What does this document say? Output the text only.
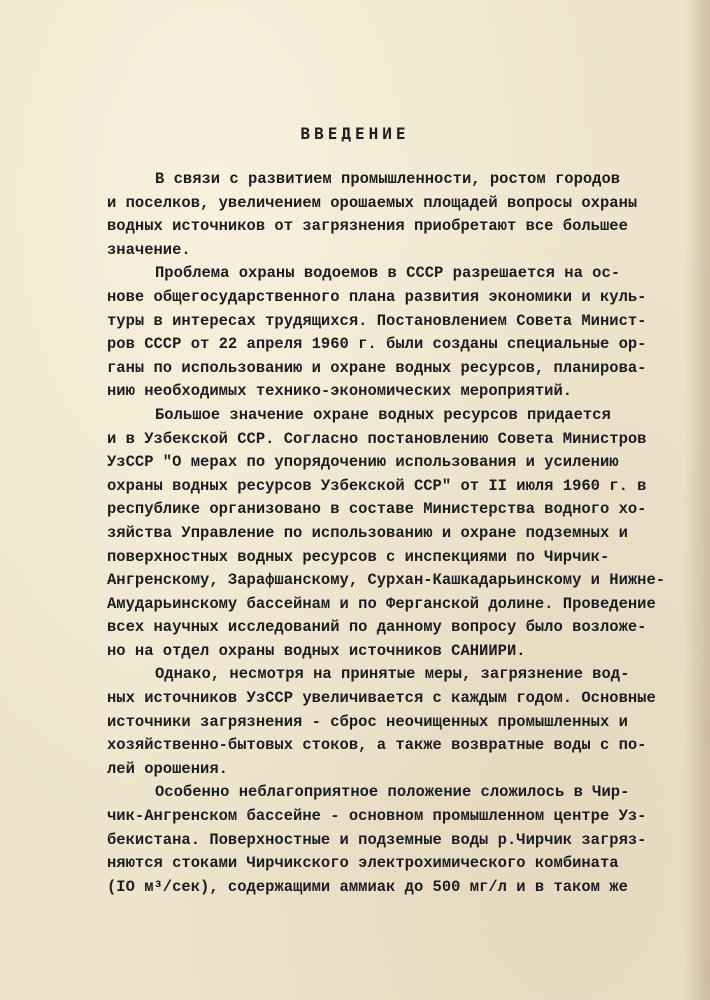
ВВЕДЕНИЕ
В связи с развитием промышленности, ростом городов
и поселков, увеличением орошаемых площадей вопросы охраны
водных источников от загрязнения приобретают все большее
значение.
Проблема охраны водоемов в СССР разрешается на ос-
нове общегосударственного плана развития экономики и куль-
туры в интересах трудящихся. Постановлением Совета Минист-
ров СССР от 22 апреля 1960 г. были созданы специальные ор-
ганы по использованию и охране водных ресурсов, планирова-
нию необходимых технико-экономических мероприятий.
Большое значение охране водных ресурсов придается
и в Узбекской ССР. Согласно постановлению Совета Министров
УзССР "О мерах по упорядочению использования и усилению
охраны водных ресурсов Узбекской ССР" от II июля 1960 г. в
республике организовано в составе Министерства водного хо-
зяйства Управление по использованию и охране подземных и
поверхностных водных ресурсов с инспекциями по Чирчик-
Ангренскому, Зарафшанскому, Сурхан-Кашкадарьинскому и Нижне-
Амударьинскому бассейнам и по Ферганской долине. Проведение
всех научных исследований по данному вопросу было возложе-
но на отдел охраны водных источников САНИИРИ.
Однако, несмотря на принятые меры, загрязнение вод-
ных источников УзССР увеличивается с каждым годом. Основные
источники загрязнения - сброс неочищенных промышленных и
хозяйственно-бытовых стоков, а также возвратные воды с по-
лей орошения.
Особенно неблагоприятное положение сложилось в Чир-
чик-Ангренском бассейне - основном промышленном центре Уз-
бекистана. Поверхностные и подземные воды р.Чирчик загряз-
няются стоками Чирчикского электрохимического комбината
(IO м³/сек), содержащими аммиак до 500 мг/л и в таком же
